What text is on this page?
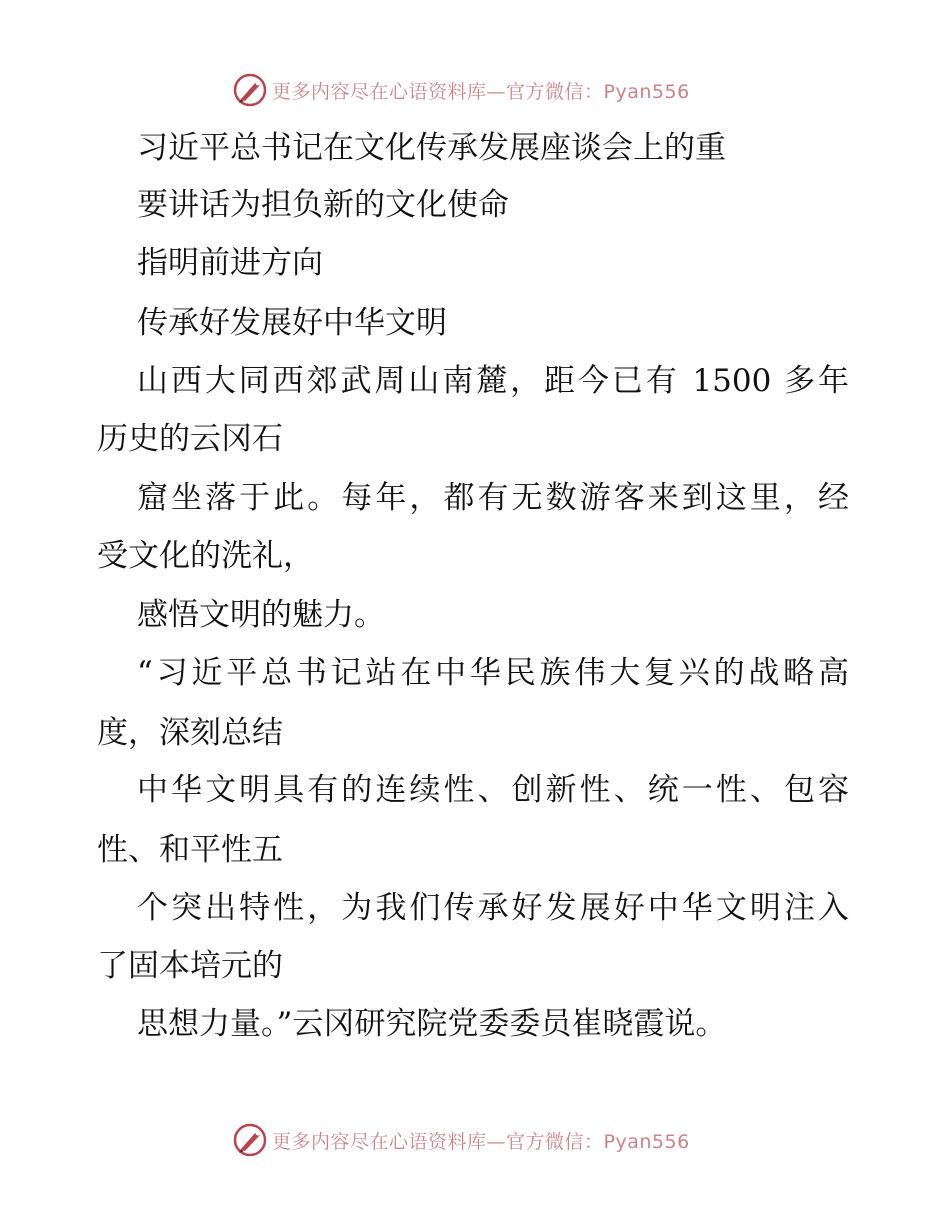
更多内容尽在心语资料库—官方微信：Pyan556
习近平总书记在文化传承发展座谈会上的重
要讲话为担负新的文化使命
指明前进方向
传承好发展好中华文明
山西大同西郊武周山南麓，距今已有 1500 多年
历史的云冈石
窟坐落于此。每年，都有无数游客来到这里，经
受文化的洗礼，
感悟文明的魅力。
“习近平总书记站在中华民族伟大复兴的战略高
度，深刻总结
中华文明具有的连续性、创新性、统一性、包容
性、和平性五
个突出特性，为我们传承好发展好中华文明注入
了固本培元的
思想力量。”云冈研究院党委委员崔晓霞说。
更多内容尽在心语资料库—官方微信：Pyan556
